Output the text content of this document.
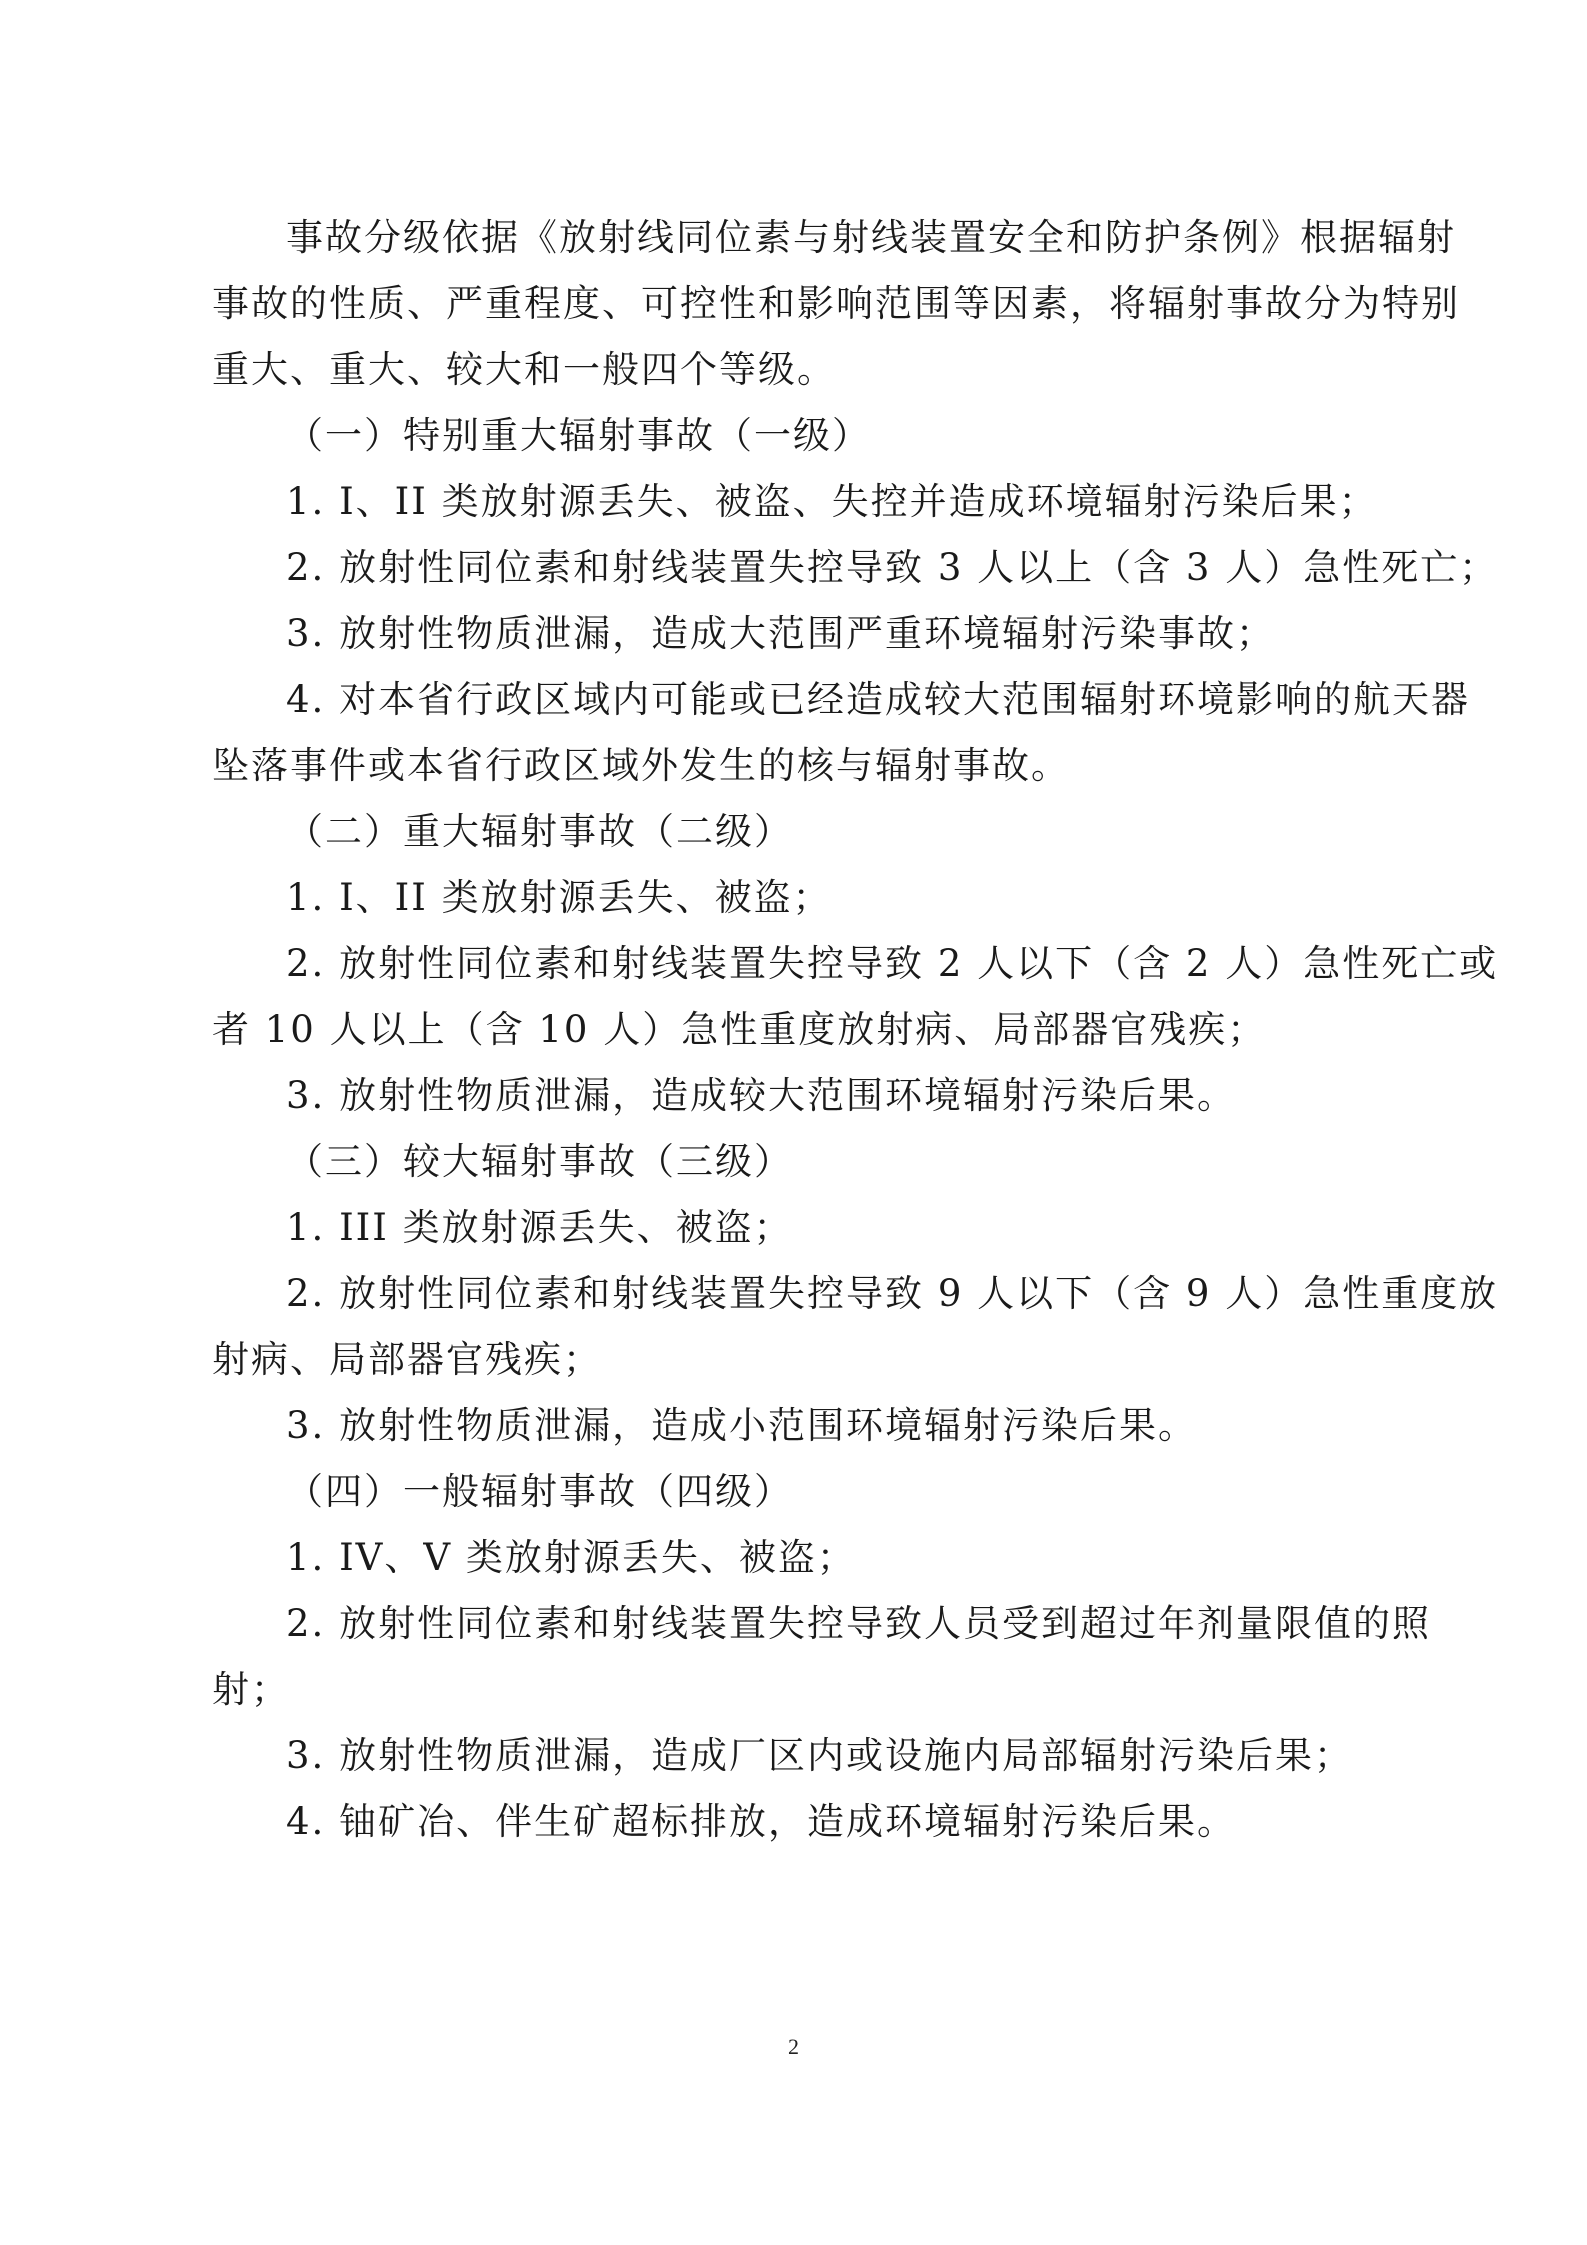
事故分级依据《放射线同位素与射线装置安全和防护条例》根据辐射
事故的性质、严重程度、可控性和影响范围等因素，将辐射事故分为特别
重大、重大、较大和一般四个等级。
（一）特别重大辐射事故（一级）
1. I、II 类放射源丢失、被盗、失控并造成环境辐射污染后果；
2. 放射性同位素和射线装置失控导致 3 人以上（含 3 人）急性死亡；
3. 放射性物质泄漏，造成大范围严重环境辐射污染事故；
4. 对本省行政区域内可能或已经造成较大范围辐射环境影响的航天器
坠落事件或本省行政区域外发生的核与辐射事故。
（二）重大辐射事故（二级）
1. I、II 类放射源丢失、被盗；
2. 放射性同位素和射线装置失控导致 2 人以下（含 2 人）急性死亡或
者 10 人以上（含 10 人）急性重度放射病、局部器官残疾；
3. 放射性物质泄漏，造成较大范围环境辐射污染后果。
（三）较大辐射事故（三级）
1. III 类放射源丢失、被盗；
2. 放射性同位素和射线装置失控导致 9 人以下（含 9 人）急性重度放
射病、局部器官残疾；
3. 放射性物质泄漏，造成小范围环境辐射污染后果。
（四）一般辐射事故（四级）
1. IV、V 类放射源丢失、被盗；
2. 放射性同位素和射线装置失控导致人员受到超过年剂量限值的照
射；
3. 放射性物质泄漏，造成厂区内或设施内局部辐射污染后果；
4. 铀矿冶、伴生矿超标排放，造成环境辐射污染后果。
2
